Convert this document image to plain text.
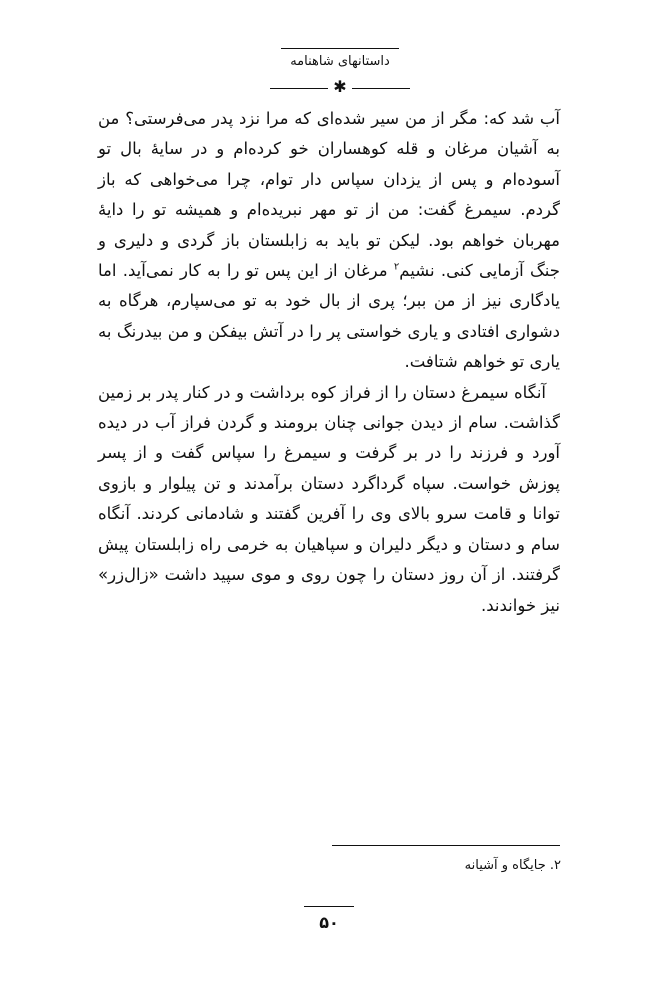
داستانهای شاهنامه
✱

آب شد که: مگر از من سیر شده‌ای که مرا نزد پدر می‌فرستی؟ من به آشیان مرغان و قله کوهساران خو کرده‌ام و در سایۀ بال تو آسوده‌ام و پس از یزدان سپاس دار تو‌ام، چرا می‌خواهی که باز گردم. سیمرغ گفت: من از تو مهر نبریده‌ام و همیشه تو را دایۀ مهربان خواهم بود. لیکن تو باید به زابلستان باز گردی و دلیری و جنگ آزمایی کنی. نشیم$^۲$ مرغان از این پس تو را به کار نمی‌آید. اما یادگاری نیز از من ببر؛ پری از بال خود به تو می‌سپارم، هرگاه به دشواری افتادی و یاری خواستی پر را در آتش بیفکن و من بیدرنگ به یاری تو خواهم شتافت.

آنگاه سیمرغ دستان را از فراز کوه برداشت و در کنار پدر بر زمین گذاشت. سام از دیدن جوانی چنان برومند و گردن فراز آب در دیده آورد و فرزند را در بر گرفت و سیمرغ را سپاس گفت و از پسر پوزش خواست. سپاه گرداگرد دستان برآمدند و تن پیلوار و بازوی توانا و قامت سرو بالای وی را آفرین گفتند و شادمانی کردند. آنگاه سام و دستان و دیگر دلیران و سپاهیان به خرمی راه زابلستان پیش گرفتند. از آن روز دستان را چون روی و موی سپید داشت «زال‌زر» نیز خواندند.

۲. جایگاه و آشیانه
۵۰
